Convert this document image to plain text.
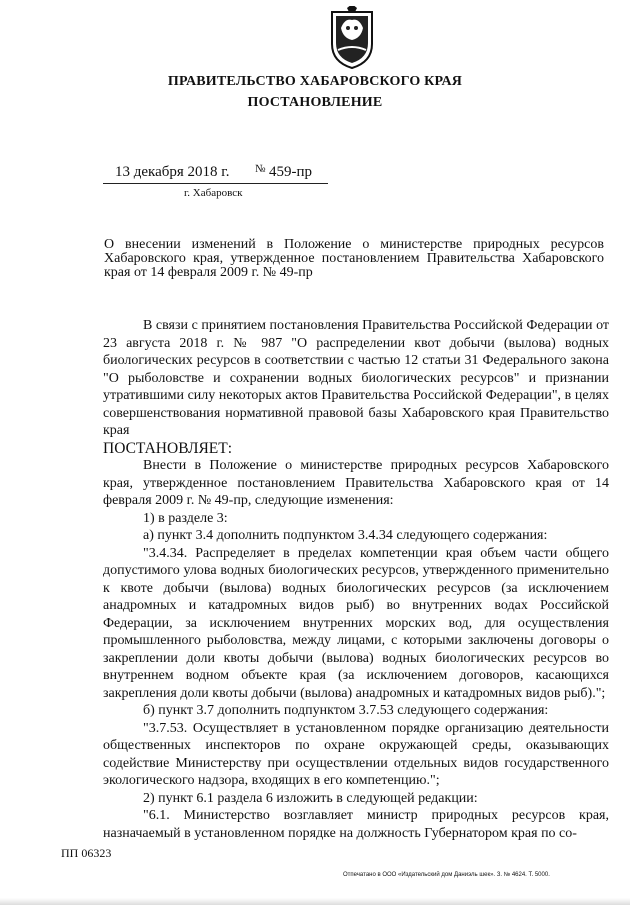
ПРАВИТЕЛЬСТВО ХАБАРОВСКОГО КРАЯ
ПОСТАНОВЛЕНИЕ
13 декабря 2018 г. № 459-пр
г. Хабаровск
О внесении изменений в Положение о министерстве природных ресурсов Хабаровского края, утвержденное постановлением Правительства Хабаровского края от 14 февраля 2009 г. № 49-пр

В связи с принятием постановления Правительства Российской Федерации от 23 августа 2018 г. № 987 "О распределении квот добычи (вылова) водных биологических ресурсов в соответствии с частью 12 статьи 31 Федерального закона "О рыболовстве и сохранении водных биологических ресурсов" и признании утратившими силу некоторых актов Правительства Российской Федерации", в целях совершенствования нормативной правовой базы Хабаровского края Правительство края

ПОСТАНОВЛЯЕТ:

Внести в Положение о министерстве природных ресурсов Хабаровского края, утвержденное постановлением Правительства Хабаровского края от 14 февраля 2009 г. № 49-пр, следующие изменения:

1) в разделе 3:

а) пункт 3.4 дополнить подпунктом 3.4.34 следующего содержания:

"3.4.34. Распределяет в пределах компетенции края объем части общего допустимого улова водных биологических ресурсов, утвержденного применительно к квоте добычи (вылова) водных биологических ресурсов (за исключением анадромных и катадромных видов рыб) во внутренних водах Российской Федерации, за исключением внутренних морских вод, для осуществления промышленного рыболовства, между лицами, с которыми заключены договоры о закреплении доли квоты добычи (вылова) водных биологических ресурсов во внутреннем водном объекте края (за исключением договоров, касающихся закрепления доли квоты добычи (вылова) анадромных и катадромных видов рыб).";

б) пункт 3.7 дополнить подпунктом 3.7.53 следующего содержания:

"3.7.53. Осуществляет в установленном порядке организацию деятельности общественных инспекторов по охране окружающей среды, оказывающих содействие Министерству при осуществлении отдельных видов государственного экологического надзора, входящих в его компетенцию.";

2) пункт 6.1 раздела 6 изложить в следующей редакции:

"6.1. Министерство возглавляет министр природных ресурсов края, назначаемый в установленном порядке на должность Губернатором края по со-

ПП 06323
Отпечатано в ООО «Издательский дом Даниэль шек». З. № 4624. Т. 5000.
